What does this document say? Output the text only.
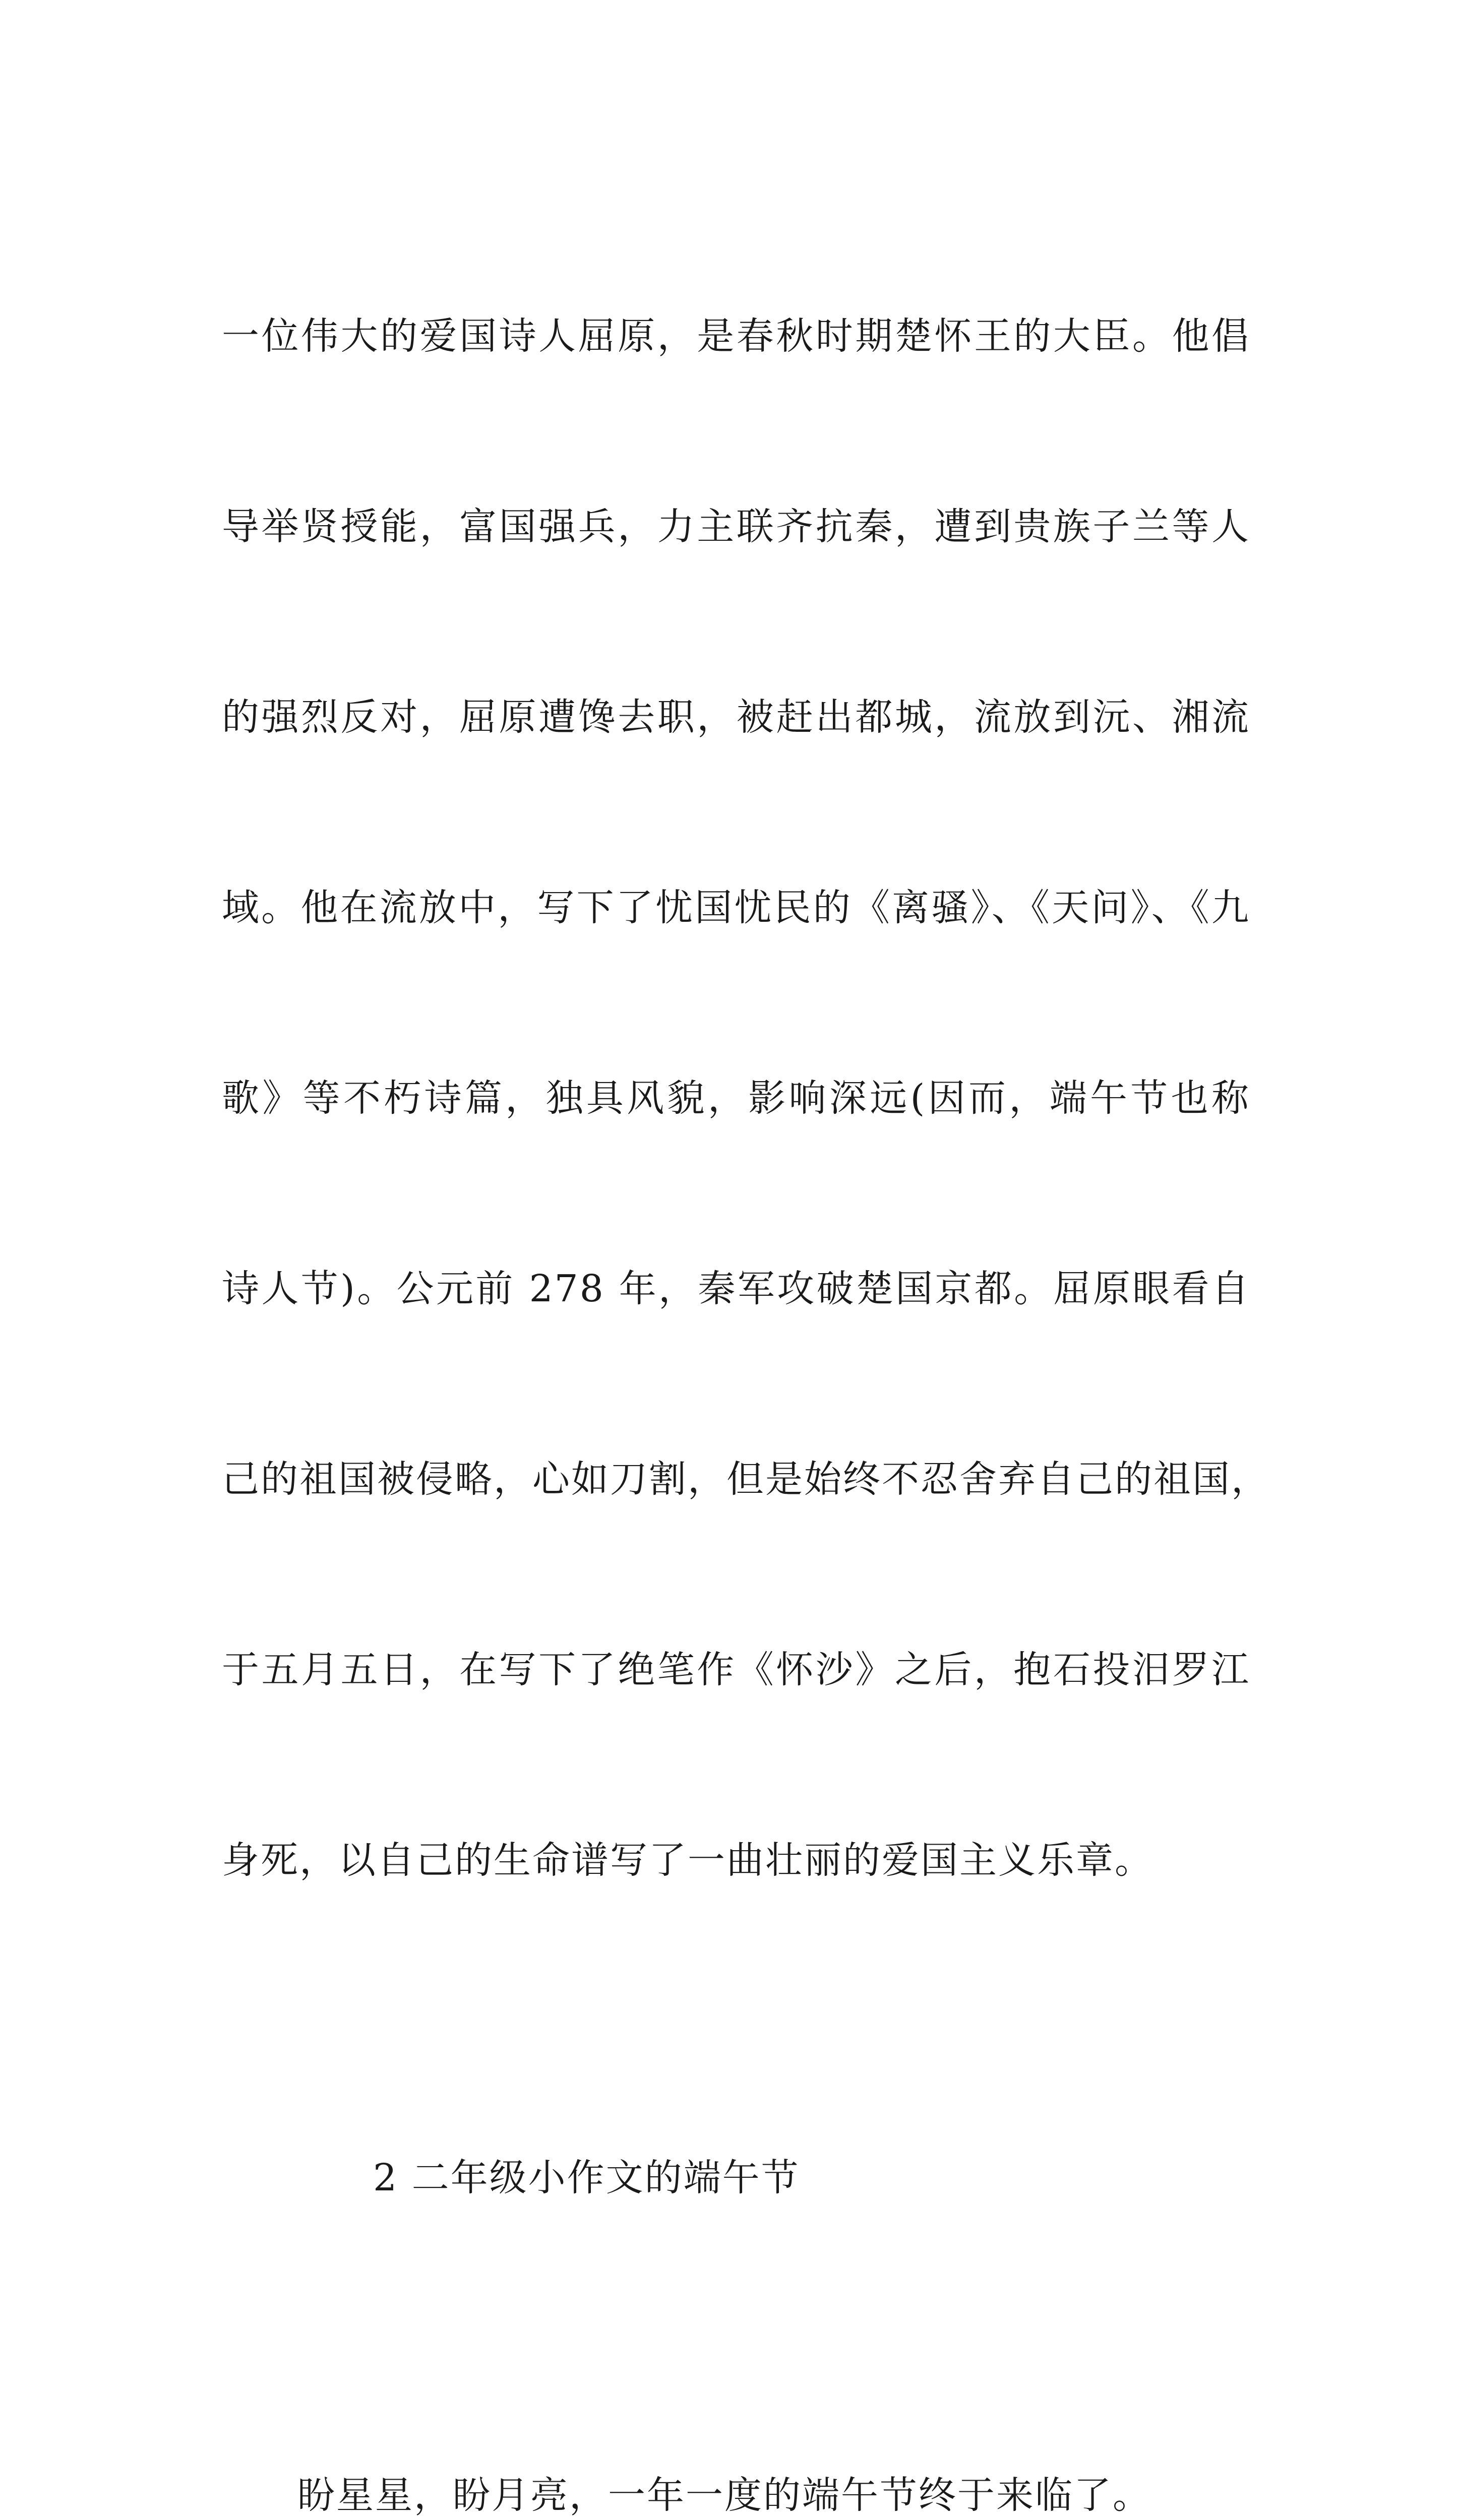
一位伟大的爱国诗人屈原，是春秋时期楚怀王的大臣。他倡

导举贤授能，富国强兵，力主联齐抗秦，遭到贵族子兰等人

的强烈反对，屈原遭馋去职，被赶出都城，流放到沅、湘流

域。他在流放中，写下了忧国忧民的《离骚》、《天问》、《九

歌》等不朽诗篇，独具风貌，影响深远(因而，端午节也称

诗人节)。公元前 278 年，秦军攻破楚国京都。屈原眼看自

己的祖国被侵略，心如刀割，但是始终不忍舍弃自己的祖国，

于五月五日，在写下了绝笔作《怀沙》之后，抱石投汨罗江

身死，以自己的生命谱写了一曲壮丽的爱国主义乐章。

2 二年级小作文的端午节

盼星星，盼月亮，一年一度的端午节终于来临了。
